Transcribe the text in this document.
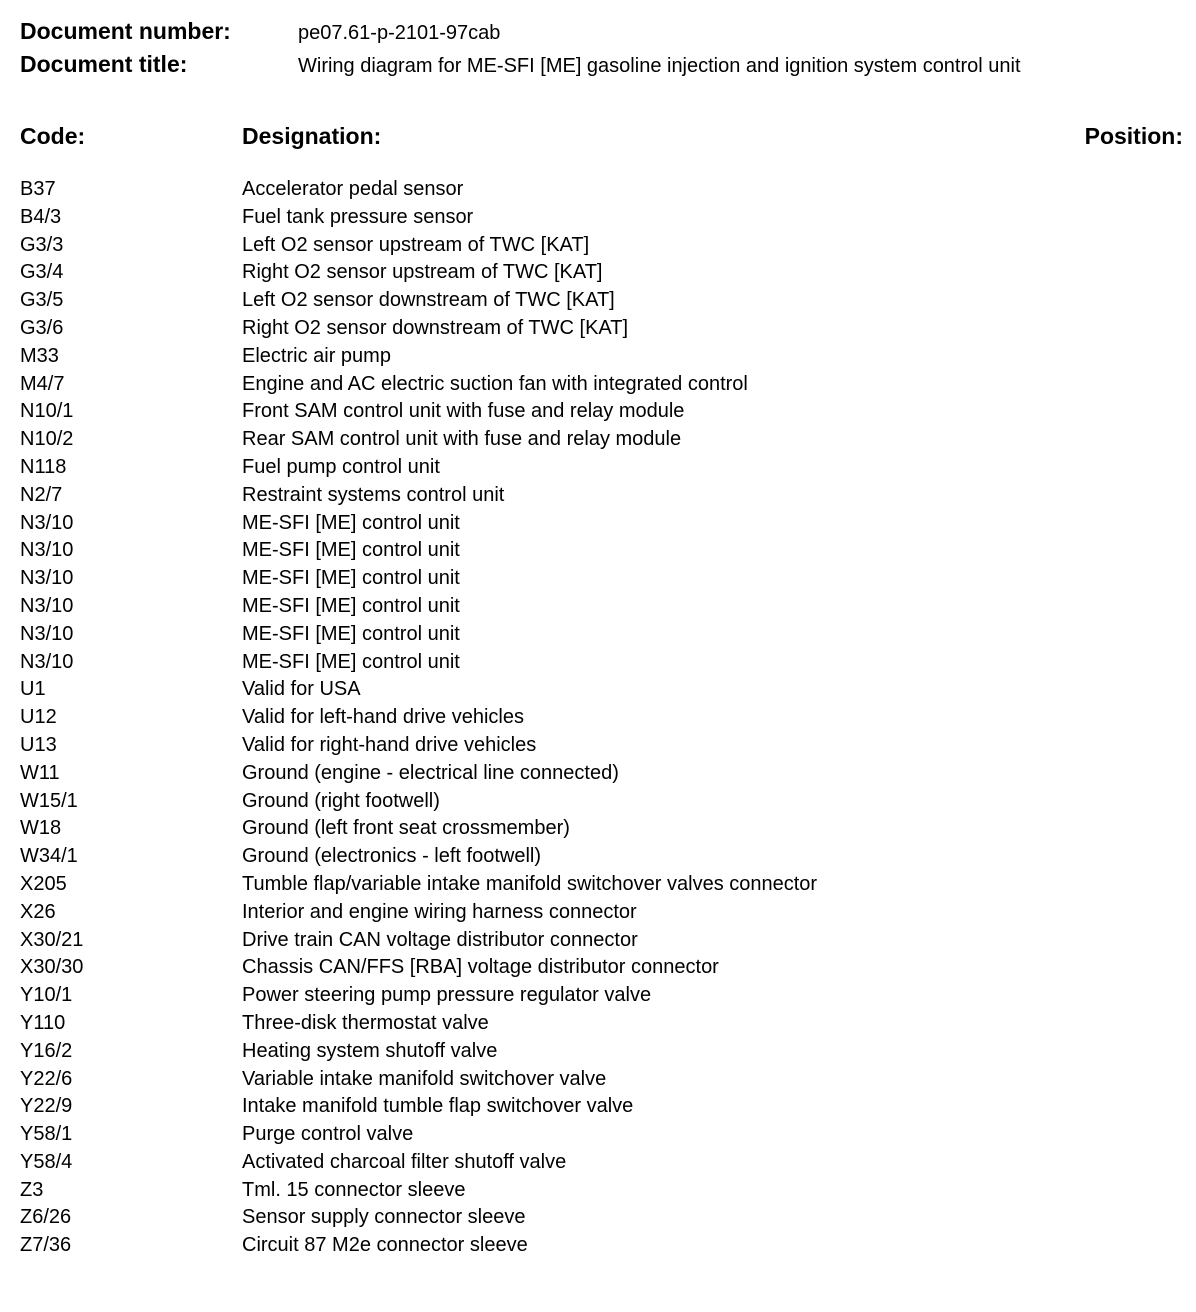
Document number:	pe07.61-p-2101-97cab
Document title:	Wiring diagram for ME-SFI [ME] gasoline injection and ignition system control unit
Code:	Designation:	Position:
B37	Accelerator pedal sensor
B4/3	Fuel tank pressure sensor
G3/3	Left O2 sensor upstream of TWC [KAT]
G3/4	Right O2 sensor upstream of TWC [KAT]
G3/5	Left O2 sensor downstream of TWC [KAT]
G3/6	Right O2 sensor downstream of TWC [KAT]
M33	Electric air pump
M4/7	Engine and AC electric suction fan with integrated control
N10/1	Front SAM control unit with fuse and relay module
N10/2	Rear SAM control unit with fuse and relay module
N118	Fuel pump control unit
N2/7	Restraint systems control unit
N3/10	ME-SFI [ME] control unit
N3/10	ME-SFI [ME] control unit
N3/10	ME-SFI [ME] control unit
N3/10	ME-SFI [ME] control unit
N3/10	ME-SFI [ME] control unit
N3/10	ME-SFI [ME] control unit
U1	Valid for USA
U12	Valid for left-hand drive vehicles
U13	Valid for right-hand drive vehicles
W11	Ground (engine - electrical line connected)
W15/1	Ground (right footwell)
W18	Ground (left front seat crossmember)
W34/1	Ground (electronics - left footwell)
X205	Tumble flap/variable intake manifold switchover valves connector
X26	Interior and engine wiring harness connector
X30/21	Drive train CAN voltage distributor connector
X30/30	Chassis CAN/FFS [RBA] voltage distributor connector
Y10/1	Power steering pump pressure regulator valve
Y110	Three-disk thermostat valve
Y16/2	Heating system shutoff valve
Y22/6	Variable intake manifold switchover valve
Y22/9	Intake manifold tumble flap switchover valve
Y58/1	Purge control valve
Y58/4	Activated charcoal filter shutoff valve
Z3	Tml. 15 connector sleeve
Z6/26	Sensor supply connector sleeve
Z7/36	Circuit 87 M2e connector sleeve
